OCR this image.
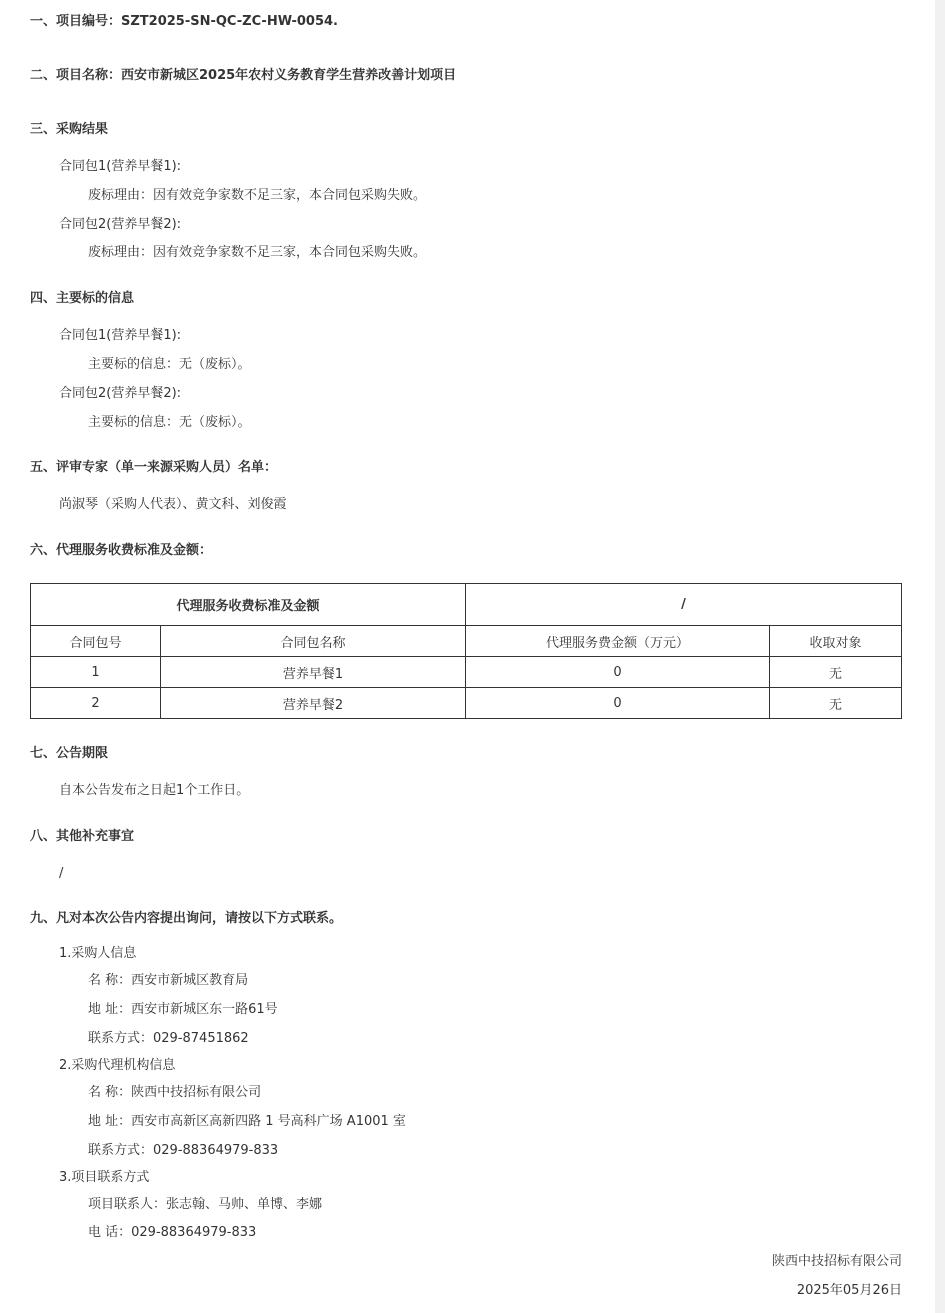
一、项目编号：SZT2025-SN-QC-ZC-HW-0054.
二、项目名称：西安市新城区2025年农村义务教育学生营养改善计划项目
三、采购结果
合同包1(营养早餐1):
废标理由：因有效竞争家数不足三家，本合同包采购失败。
合同包2(营养早餐2):
废标理由：因有效竞争家数不足三家，本合同包采购失败。
四、主要标的信息
合同包1(营养早餐1):
主要标的信息：无（废标）。
合同包2(营养早餐2):
主要标的信息：无（废标）。
五、评审专家（单一来源采购人员）名单：
尚淑琴（采购人代表）、黄文科、刘俊霞
六、代理服务收费标准及金额：
代理服务收费标准及金额		/	
合同包号	合同包名称	代理服务费金额（万元）	收取对象
1	营养早餐1	0	无
2	营养早餐2	0	无
七、公告期限
自本公告发布之日起1个工作日。
八、其他补充事宜
/
九、凡对本次公告内容提出询问，请按以下方式联系。
1.采购人信息
名 称：西安市新城区教育局
地 址：西安市新城区东一路61号
联系方式：029-87451862
2.采购代理机构信息
名 称：陕西中技招标有限公司
地 址：西安市高新区高新四路 1 号高科广场 A1001 室
联系方式：029-88364979-833
3.项目联系方式
项目联系人：张志翰、马帅、单博、李娜
电 话：029-88364979-833
陕西中技招标有限公司
2025年05月26日
